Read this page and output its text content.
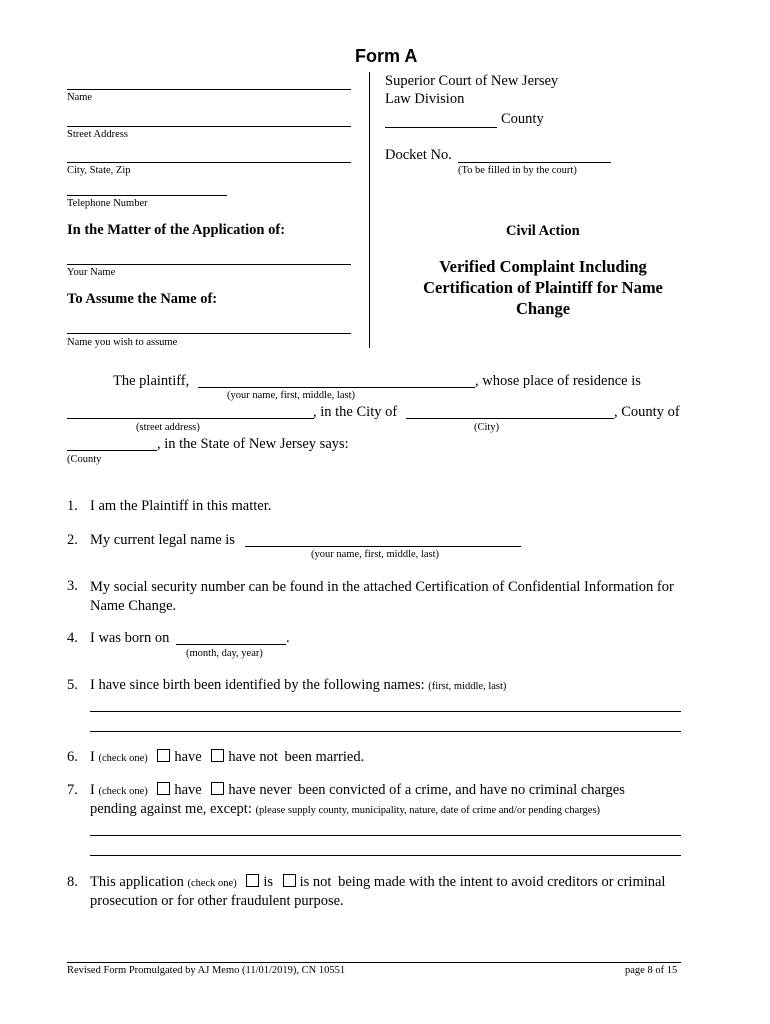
Form A
Name
Street Address
City, State, Zip
Telephone Number
In the Matter of the Application of:
Your Name
To Assume the Name of:
Name you wish to assume
Superior Court of New Jersey
Law Division
County
Docket No.
(To be filled in by the court)
Civil Action
Verified Complaint Including
Certification of Plaintiff for Name
Change
The plaintiff,	, whose place of residence is
(your name, first, middle, last)
, in the City of	, County of
(street address)	(City)
, in the State of New Jersey says:
(County
1. I am the Plaintiff in this matter.
2. My current legal name is
(your name, first, middle, last)
3. My social security number can be found in the attached Certification of Confidential Information for
Name Change.
4. I was born on	.
(month, day, year)
5. I have since birth been identified by the following names: (first, middle, last)
6. I (check one) have have not been married.
7. I (check one) have have never been convicted of a crime, and have no criminal charges
pending against me, except: (please supply county, municipality, nature, date of crime and/or pending charges)
8. This application (check one) is is not being made with the intent to avoid creditors or criminal
prosecution or for other fraudulent purpose.
Revised Form Promulgated by AJ Memo (11/01/2019), CN 10551	page 8 of 15
